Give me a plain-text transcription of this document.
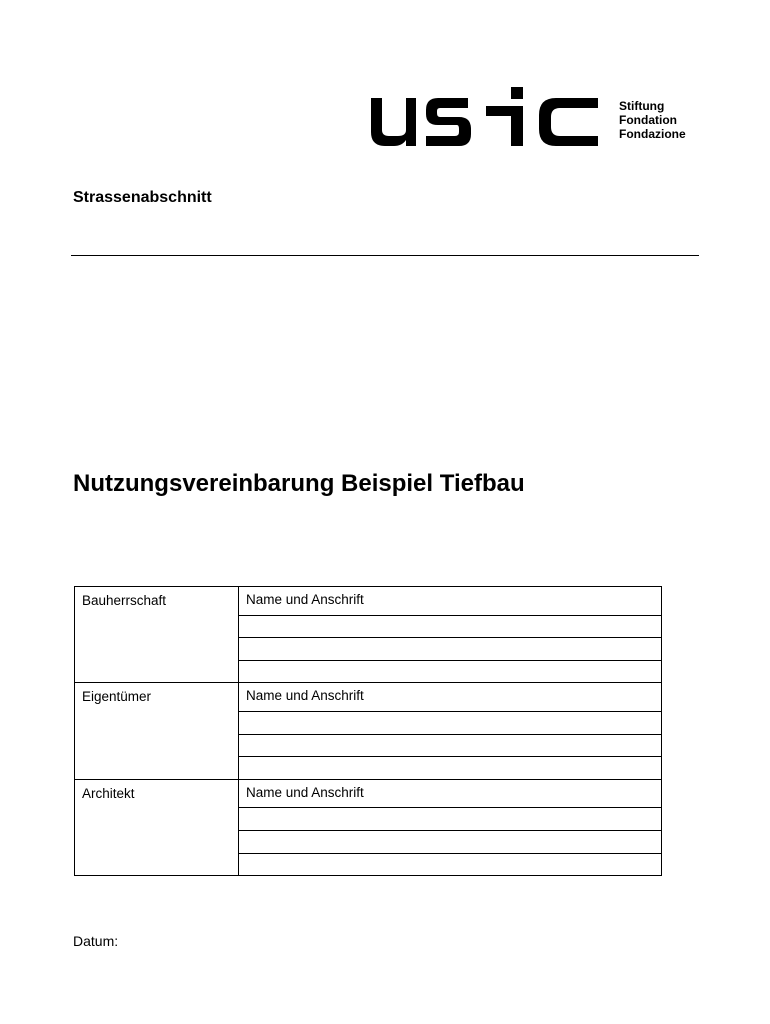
Stiftung
Fondation
Fondazione
Strassenabschnitt
Nutzungsvereinbarung Beispiel Tiefbau
Bauherrschaft	Name und Anschrift

Eigentümer	Name und Anschrift

Architekt	Name und Anschrift

Datum:
